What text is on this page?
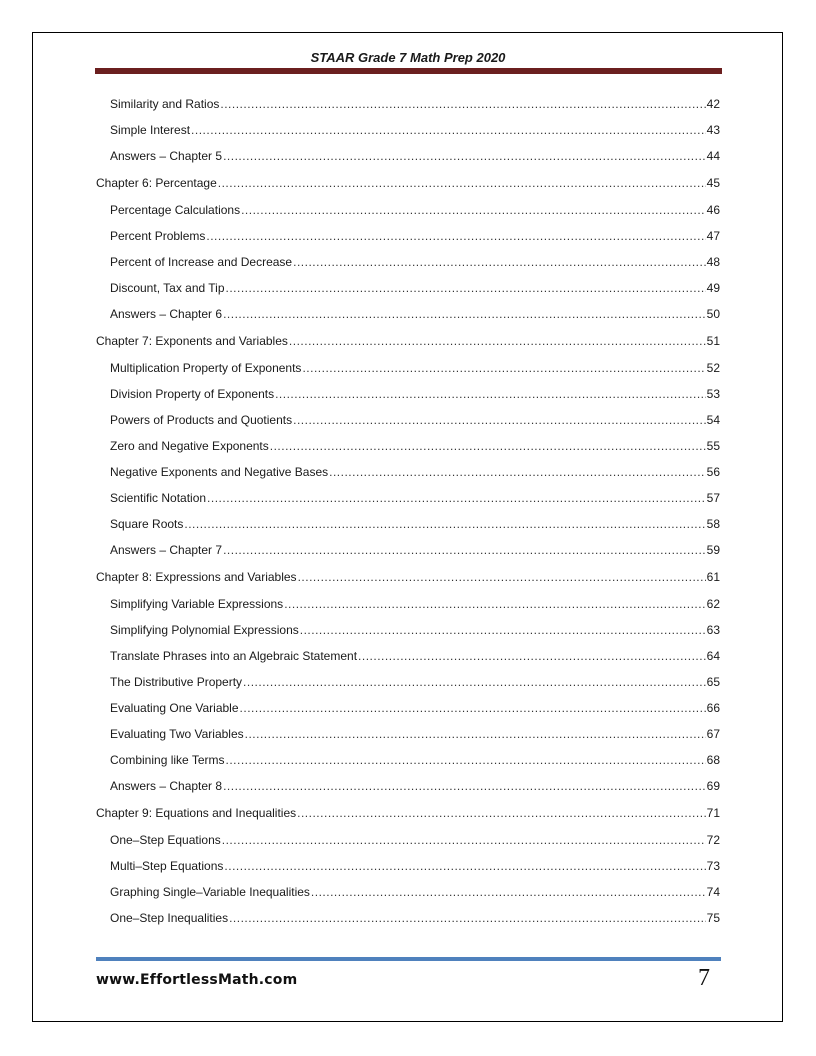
STAAR Grade 7 Math Prep 2020
Similarity and Ratios .....	42
Simple Interest .....	43
Answers – Chapter 5 .....	44
Chapter 6: Percentage .....	45
Percentage Calculations .....	46
Percent Problems .....	47
Percent of Increase and Decrease .....	48
Discount, Tax and Tip .....	49
Answers – Chapter 6 .....	50
Chapter 7: Exponents and Variables .....	51
Multiplication Property of Exponents .....	52
Division Property of Exponents .....	53
Powers of Products and Quotients .....	54
Zero and Negative Exponents .....	55
Negative Exponents and Negative Bases .....	56
Scientific Notation .....	57
Square Roots .....	58
Answers – Chapter 7 .....	59
Chapter 8: Expressions and Variables .....	61
Simplifying Variable Expressions .....	62
Simplifying Polynomial Expressions .....	63
Translate Phrases into an Algebraic Statement .....	64
The Distributive Property .....	65
Evaluating One Variable .....	66
Evaluating Two Variables .....	67
Combining like Terms .....	68
Answers – Chapter 8 .....	69
Chapter 9: Equations and Inequalities .....	71
One–Step Equations .....	72
Multi–Step Equations .....	73
Graphing Single–Variable Inequalities .....	74
One–Step Inequalities .....	75
www.EffortlessMath.com	7
